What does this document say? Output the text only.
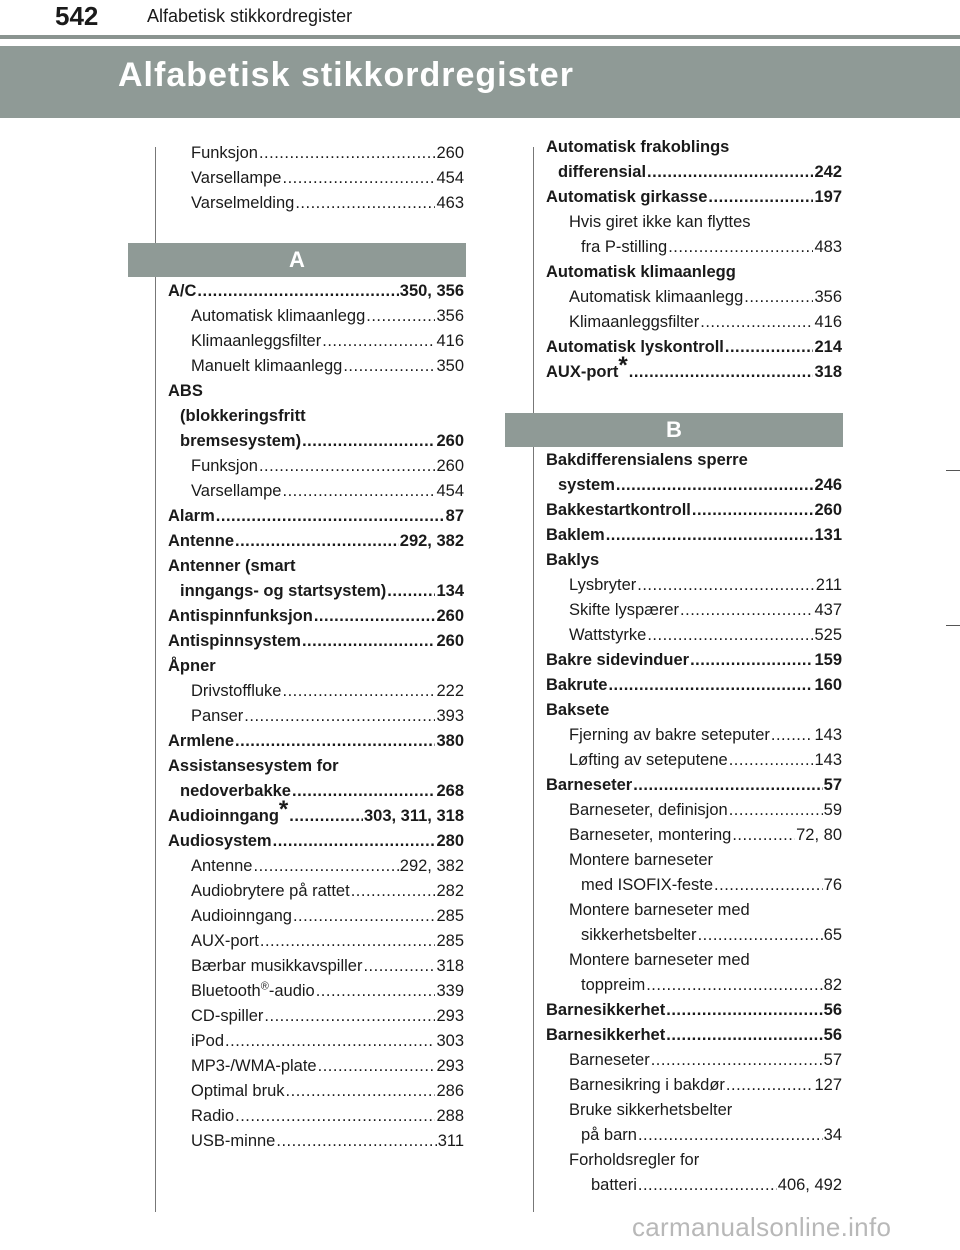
542	Alfabetisk stikkordregister
Alfabetisk stikkordregister
Funksjon .....	260
Varsellampe .....	454
Varselmelding .....	463
A
A/C .....	350, 356
Automatisk klimaanlegg .....	356
Klimaanleggsfilter .....	416
Manuelt klimaanlegg .....	350
ABS
(blokkeringsfritt
bremsesystem) .....	260
Funksjon .....	260
Varsellampe .....	454
Alarm .....	87
Antenne .....	292, 382
Antenner (smart
inngangs- og startsystem) .....	134
Antispinnfunksjon .....	260
Antispinnsystem .....	260
Åpner
Drivstoffluke .....	222
Panser .....	393
Armlene .....	380
Assistansesystem for
nedoverbakke .....	268
Audioinngang* .....	303, 311, 318
Audiosystem .....	280
Antenne .....	292, 382
Audiobrytere på rattet .....	282
Audioinngang .....	285
AUX-port .....	285
Bærbar musikkavspiller .....	318
Bluetooth®-audio .....	339
CD-spiller .....	293
iPod .....	303
MP3-/WMA-plate .....	293
Optimal bruk .....	286
Radio .....	288
USB-minne .....	311
Automatisk frakoblings
differensial .....	242
Automatisk girkasse .....	197
Hvis giret ikke kan flyttes
fra P-stilling .....	483
Automatisk klimaanlegg
Automatisk klimaanlegg .....	356
Klimaanleggsfilter .....	416
Automatisk lyskontroll .....	214
AUX-port* .....	318
B
Bakdifferensialens sperre
system .....	246
Bakkestartkontroll .....	260
Baklem .....	131
Baklys
Lysbryter .....	211
Skifte lyspærer .....	437
Wattstyrke .....	525
Bakre sidevinduer .....	159
Bakrute .....	160
Baksete
Fjerning av bakre seteputer .....	143
Løfting av seteputene .....	143
Barneseter .....	57
Barneseter, definisjon .....	59
Barneseter, montering .....	72, 80
Montere barneseter
med ISOFIX-feste .....	76
Montere barneseter med
sikkerhetsbelter .....	65
Montere barneseter med
toppreim .....	82
Barnesikkerhet .....	56
Barnesikkerhet .....	56
Barneseter .....	57
Barnesikring i bakdør .....	127
Bruke sikkerhetsbelter
på barn .....	34
Forholdsregler for
batteri .....	406, 492
carmanualsonline.info
